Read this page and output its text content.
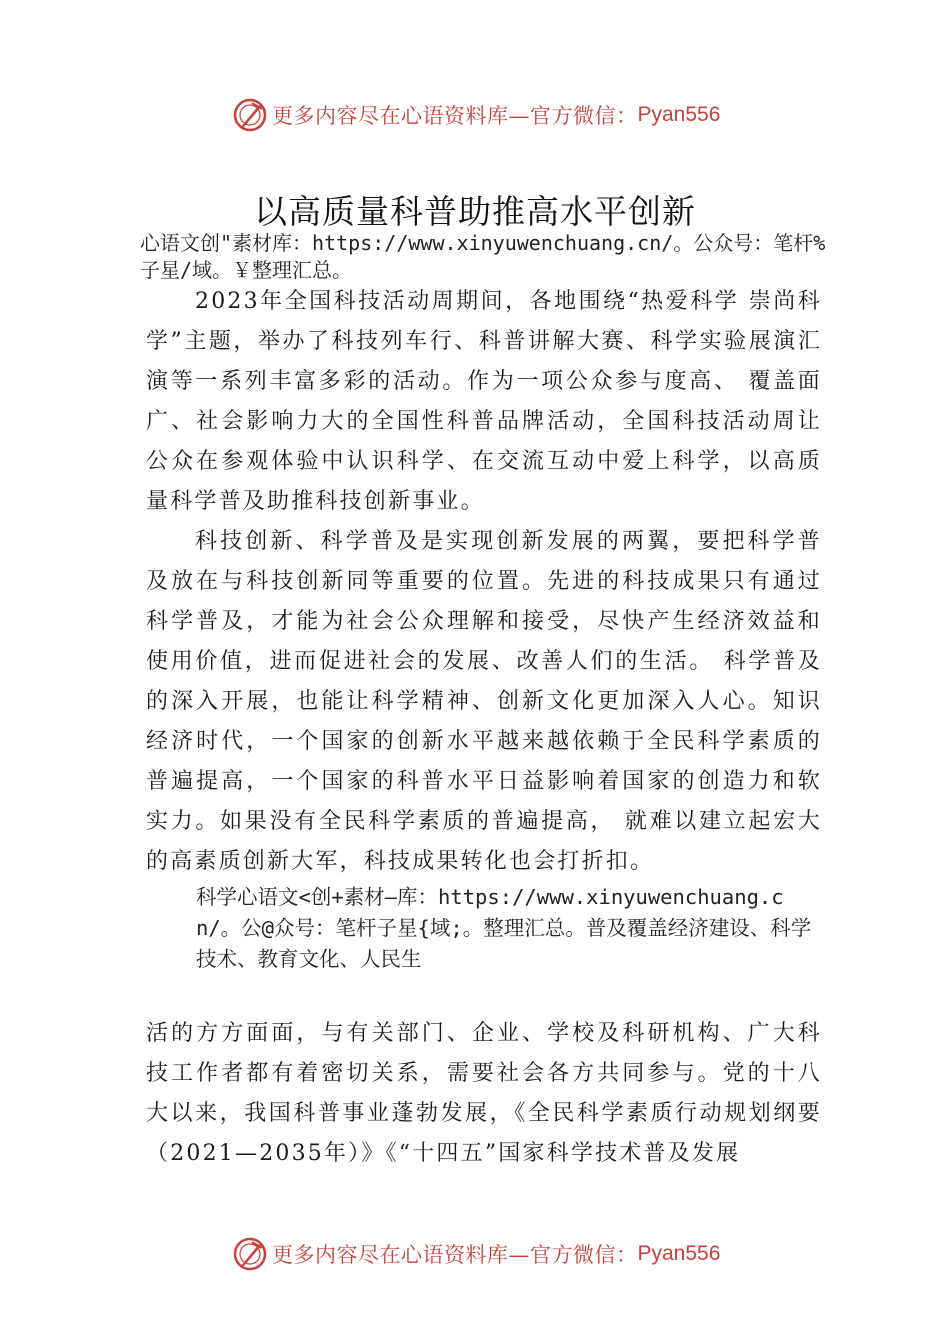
更多内容尽在心语资料库—官方微信： Pyan556
以高质量科普助推高水平创新
心语文创"素材库：https://www.xinyuwenchuang.cn/。公众号：笔杆%子星/域。￥整理汇总。

2023年全国科技活动周期间，各地围绕“热爱科学 崇尚科学”主题，举办了科技列车行、科普讲解大赛、科学实验展演汇演等一系列丰富多彩的活动。作为一项公众参与度高、 覆盖面广、社会影响力大的全国性科普品牌活动，全国科技活动周让公众在参观体验中认识科学、在交流互动中爱上科学，以高质量科学普及助推科技创新事业。

科技创新、科学普及是实现创新发展的两翼，要把科学普及放在与科技创新同等重要的位置。先进的科技成果只有通过科学普及，才能为社会公众理解和接受，尽快产生经济效益和使用价值，进而促进社会的发展、改善人们的生活。 科学普及的深入开展，也能让科学精神、创新文化更加深入人心。知识经济时代，一个国家的创新水平越来越依赖于全民科学素质的普遍提高，一个国家的科普水平日益影响着国家的创造力和软实力。如果没有全民科学素质的普遍提高， 就难以建立起宏大的高素质创新大军，科技成果转化也会打折扣。

科学心语文<创+素材—库：https://www.xinyuwenchuang.cn/。公@众号：笔杆子星{域;。整理汇总。普及覆盖经济建设、科学技术、教育文化、人民生

活的方方面面，与有关部门、企业、学校及科研机构、广大科技工作者都有着密切关系，需要社会各方共同参与。党的十八大以来，我国科普事业蓬勃发展，《全民科学素质行动规划纲要（2021—2035年）》《“十四五”国家科学技术普及发展

更多内容尽在心语资料库—官方微信： Pyan556
